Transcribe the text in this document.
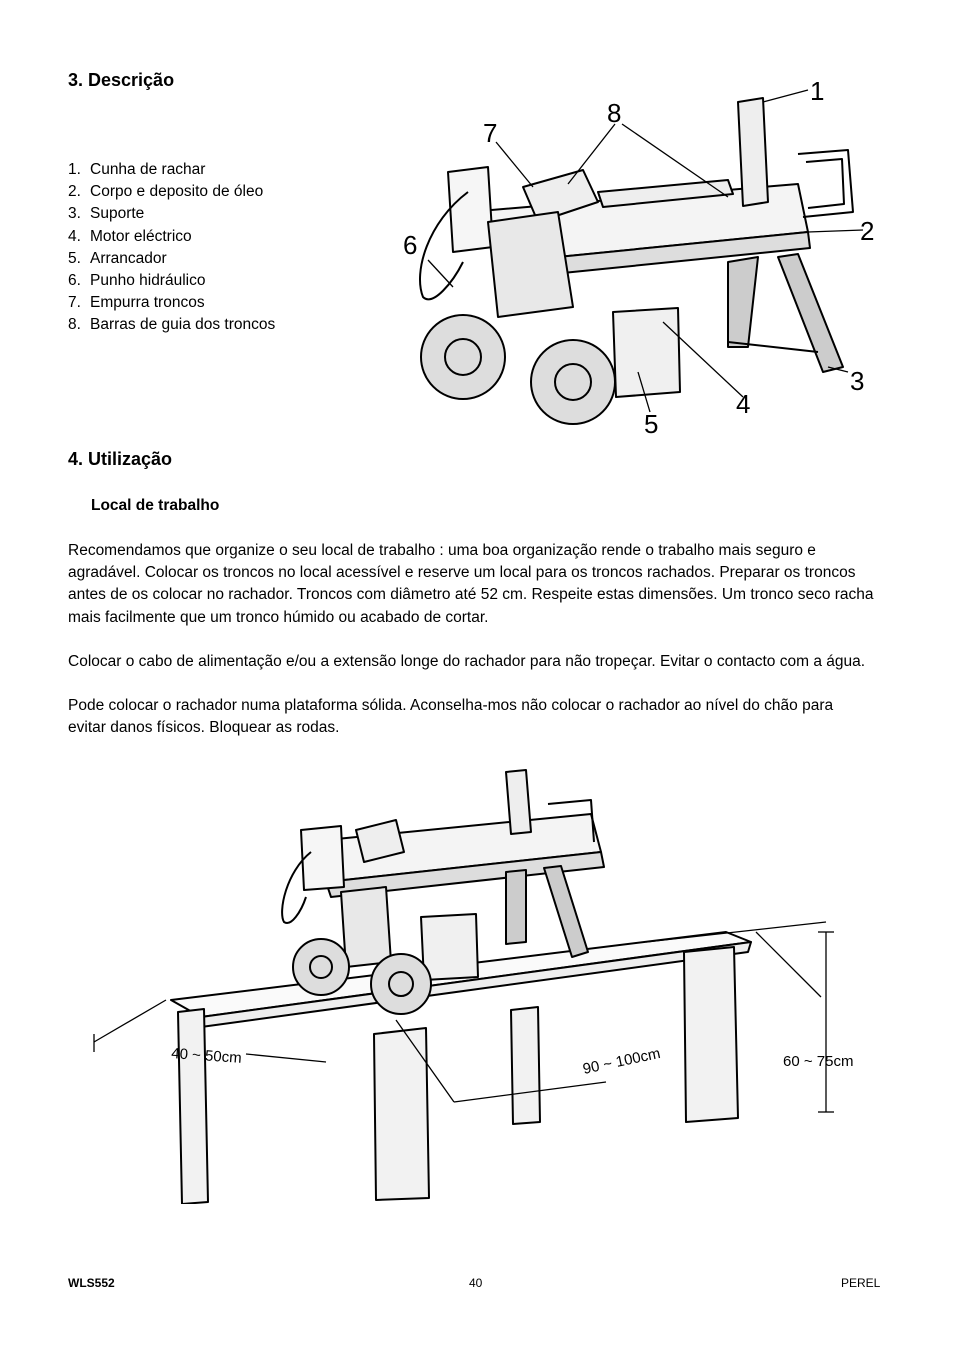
3. Descrição
1. Cunha de rachar
2. Corpo e deposito de óleo
3. Suporte
4. Motor eléctrico
5. Arrancador
6. Punho hidráulico
7. Empurra troncos
8. Barras de guia dos troncos
1
2
3
4
5
6
7
8
4. Utilização
Local de trabalho

Recomendamos que organize o seu local de trabalho : uma boa organização rende o trabalho mais seguro e agradável. Colocar os troncos no local acessível e reserve um local para os troncos rachados. Preparar os troncos antes de os colocar no rachador. Troncos com diâmetro até 52 cm. Respeite estas dimensões. Um tronco seco racha mais facilmente que um tronco húmido ou acabado de cortar.

Colocar o cabo de alimentação e/ou a extensão longe do rachador para não tropeçar. Evitar o contacto com a água.

Pode colocar o rachador numa plataforma sólida. Aconselha-mos não colocar o rachador ao nível do chão para evitar danos físicos. Bloquear as rodas.

40 ~ 50cm	90 ~ 100cm	60 ~ 75cm
WLS552	40	PEREL
